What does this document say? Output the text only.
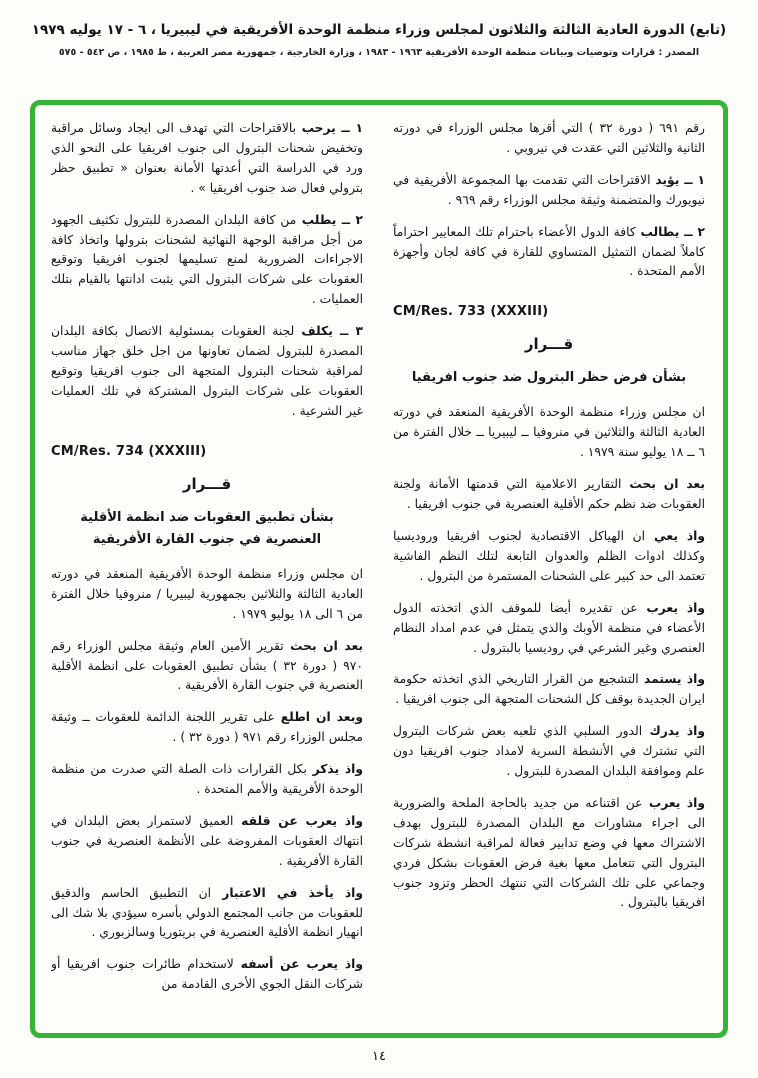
(تابع) الدورة العادية الثالثة والثلاثون لمجلس وزراء منظمة الوحدة الأفريقية في ليبيريا ، ٦ - ١٧ يوليه ١٩٧٩
المصدر : قرارات وتوصيات وبيانات منظمة الوحدة الأفريقية ١٩٦٣ - ١٩٨٣ ، وزارة الخارجية ، جمهورية مصر العربية ، ط ١٩٨٥ ، ص ٥٤٢ - ٥٧٥
رقم ٦٩١ ( دورة ٣٢ ) التي أقرها مجلس الوزراء في دورته الثانية والثلاثين التي عقدت في نيروبي .
١ ــ يؤيد الاقتراحات التي تقدمت بها المجموعة الأفريقية في نيويورك والمتضمنة وثيقة مجلس الوزراء رقم ٩٦٩ .
٢ ــ يطالب كافة الدول الأعضاء باحترام تلك المعايير احتراماً كاملاً لضمان التمثيل المتساوي للقارة في كافة لجان وأجهزة الأمم المتحدة .
CM/Res. 733 (XXXIII)
قـــرار
بشأن فرض حظر البترول ضد جنوب افريقيا
ان مجلس وزراء منظمة الوحدة الأفريقية المنعقد في دورته العادية الثالثة والثلاثين في منروفيا ــ ليبيريا ــ خلال الفترة من ٦ ــ ١٨ يوليو سنة ١٩٧٩ .
بعد ان بحث التقارير الاعلامية التي قدمتها الأمانة ولجنة العقوبات ضد نظم حكم الأقلية العنصرية في جنوب افريقيا .
واذ يعي ان الهياكل الاقتصادية لجنوب افريقيا وروديسيا وكذلك ادوات الظلم والعدوان التابعة لتلك النظم الفاشية تعتمد الى حد كبير على الشحنات المستمرة من البترول .
واذ يعرب عن تقديره أيضا للموقف الذي اتخذته الدول الأعضاء في منظمة الأوبك والذي يتمثل في عدم امداد النظام العنصري وغير الشرعي في روديسيا بالبترول .
واذ يستمد التشجيع من القرار التاريخي الذي اتخذته حكومة ايران الجديدة بوقف كل الشحنات المتجهة الى جنوب افريقيا .
واذ يدرك الدور السلبي الذي تلعبه بعض شركات البترول التي تشترك في الأنشطة السرية لامداد جنوب افريقيا دون علم وموافقة البلدان المصدرة للبترول .
واذ يعرب عن اقتناعه من جديد بالحاجة الملحة والضرورية الى اجراء مشاورات مع البلدان المصدرة للبترول بهدف الاشتراك معها في وضع تدابير فعالة لمراقبة انشطة شركات البترول التي تتعامل معها بغية فرض العقوبات بشكل فردي وجماعي على تلك الشركات التي تنتهك الحظر وتزود جنوب افريقيا بالبترول .
١ ــ يرحب بالاقتراحات التي تهدف الى ايجاد وسائل مراقبة وتخفيض شحنات البترول الى جنوب افريقيا على النحو الذي ورد في الدراسة التي أعدتها الأمانة بعنوان « تطبيق حظر بترولي فعال ضد جنوب افريقيا » .
٢ ــ يطلب من كافة البلدان المصدرة للبترول تكثيف الجهود من أجل مراقبة الوجهة النهائية لشحنات بترولها واتخاذ كافة الاجراءات الضرورية لمنع تسليمها لجنوب افريقيا وتوقيع العقوبات على شركات البترول التي يثبت ادانتها بالقيام بتلك العمليات .
٣ ــ يكلف لجنة العقوبات بمسئولية الاتصال بكافة البلدان المصدرة للبترول لضمان تعاونها من اجل خلق جهاز مناسب لمراقبة شحنات البترول المتجهة الى جنوب افريقيا وتوقيع العقوبات على شركات البترول المشتركة في تلك العمليات غير الشرعية .
CM/Res. 734 (XXXIII)
قـــرار
بشأن تطبيق العقوبات ضد انظمة الأقلية العنصرية في جنوب القارة الأفريقية
ان مجلس وزراء منظمة الوحدة الأفريقية المنعقد في دورته العادية الثالثة والثلاثين بجمهورية ليبيريا / منروفيا خلال الفترة من ٦ الى ١٨ يوليو ١٩٧٩ .
بعد ان بحث تقرير الأمين العام وثيقة مجلس الوزراء رقم ٩٧٠ ( دورة ٣٢ ) بشأن تطبيق العقوبات على انظمة الأقلية العنصرية في جنوب القارة الأفريقية .
وبعد ان اطلع على تقرير اللجنة الدائمة للعقوبات ــ وثيقة مجلس الوزراء رقم ٩٧١ ( دورة ٣٢ ) .
واذ يذكر بكل القرارات ذات الصلة التي صدرت من منظمة الوحدة الأفريقية والأمم المتحدة .
واذ يعرب عن قلقه العميق لاستمرار بعض البلدان في انتهاك العقوبات المفروضة على الأنظمة العنصرية في جنوب القارة الأفريقية .
واذ يأخذ في الاعتبار ان التطبيق الحاسم والدقيق للعقوبات من جانب المجتمع الدولي بأسره سيؤدي بلا شك الى انهيار انظمة الأقلية العنصرية في بريتوريا وسالزبوري .
واذ يعرب عن أسفه لاستخدام طائرات جنوب افريقيا أو شركات النقل الجوي الأخرى القادمة من
١٤
